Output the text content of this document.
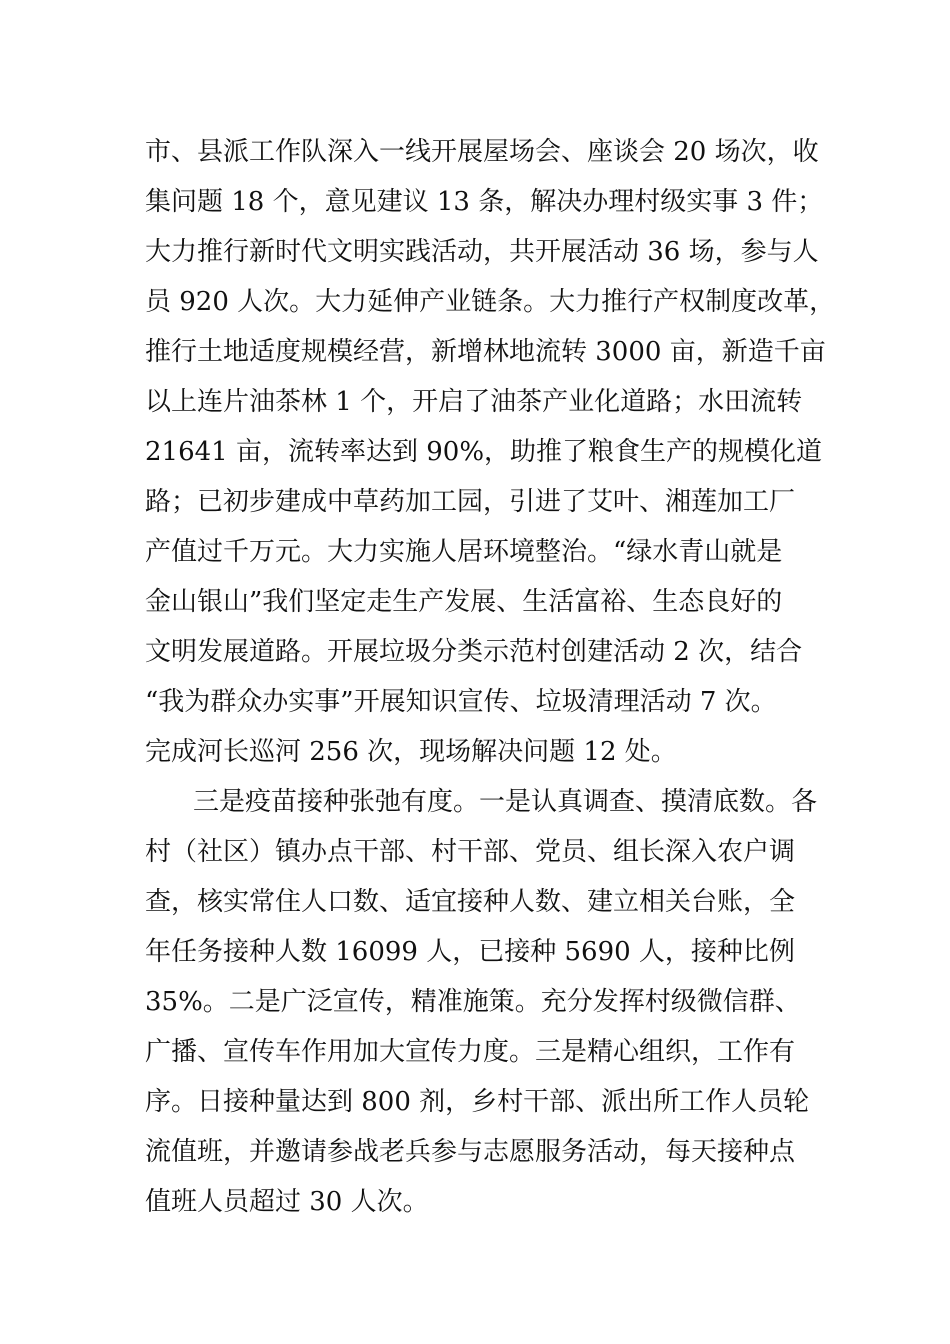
市、县派工作队深入一线开展屋场会、座谈会 20 场次，收
集问题 18 个，意见建议 13 条，解决办理村级实事 3 件；
大力推行新时代文明实践活动，共开展活动 36 场，参与人
员 920 人次。大力延伸产业链条。大力推行产权制度改革，
推行土地适度规模经营，新增林地流转 3000 亩，新造千亩
以上连片油茶林 1 个，开启了油茶产业化道路；水田流转
21641 亩，流转率达到 90%，助推了粮食生产的规模化道
路；已初步建成中草药加工园，引进了艾叶、湘莲加工厂
产值过千万元。大力实施人居环境整治。“绿水青山就是
金山银山”我们坚定走生产发展、生活富裕、生态良好的
文明发展道路。开展垃圾分类示范村创建活动 2 次，结合
“我为群众办实事”开展知识宣传、垃圾清理活动 7 次。
完成河长巡河 256 次，现场解决问题 12 处。
三是疫苗接种张弛有度。一是认真调查、摸清底数。各
村（社区）镇办点干部、村干部、党员、组长深入农户调
查，核实常住人口数、适宜接种人数、建立相关台账，全
年任务接种人数 16099 人，已接种 5690 人，接种比例
35%。二是广泛宣传，精准施策。充分发挥村级微信群、
广播、宣传车作用加大宣传力度。三是精心组织，工作有
序。日接种量达到 800 剂，乡村干部、派出所工作人员轮
流值班，并邀请参战老兵参与志愿服务活动，每天接种点
值班人员超过 30 人次。
